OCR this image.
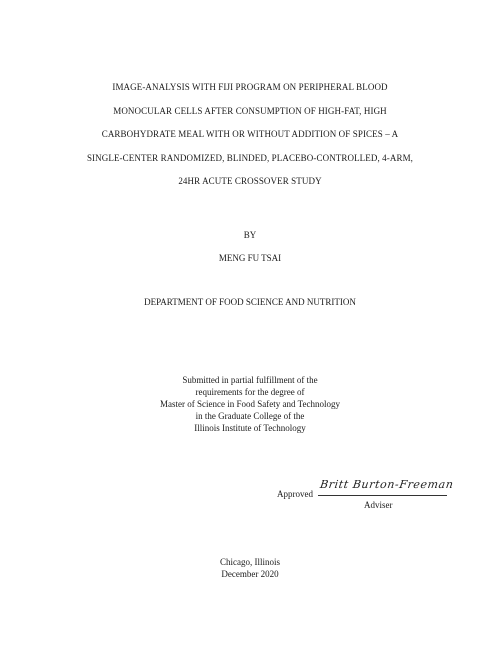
IMAGE-ANALYSIS WITH FIJI PROGRAM ON PERIPHERAL BLOOD
MONOCULAR CELLS AFTER CONSUMPTION OF HIGH-FAT, HIGH
CARBOHYDRATE MEAL WITH OR WITHOUT ADDITION OF SPICES – A
SINGLE-CENTER RANDOMIZED, BLINDED, PLACEBO-CONTROLLED, 4-ARM,
24HR ACUTE CROSSOVER STUDY
BY
MENG FU TSAI
DEPARTMENT OF FOOD SCIENCE AND NUTRITION
Submitted in partial fulfillment of the
requirements for the degree of
Master of Science in Food Safety and Technology
in the Graduate College of the
Illinois Institute of Technology
Approved
Britt Burton-Freeman
Adviser
Chicago, Illinois
December 2020
